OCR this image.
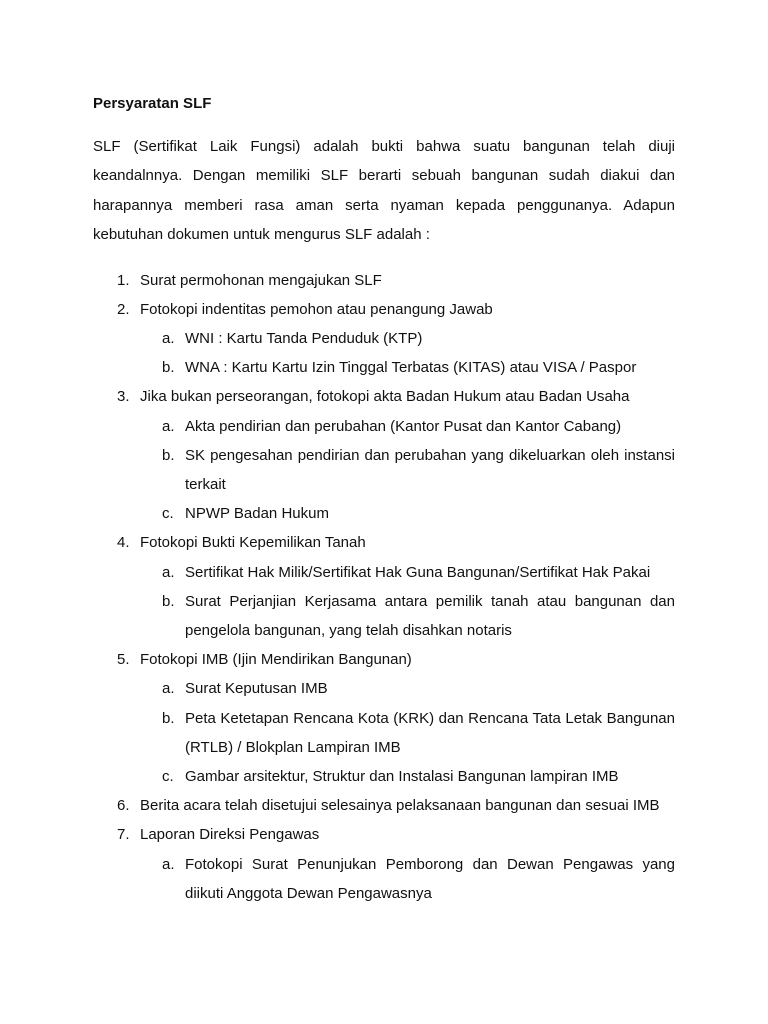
Persyaratan SLF

SLF (Sertifikat Laik Fungsi) adalah bukti bahwa suatu bangunan telah diuji keandalnnya. Dengan memiliki SLF berarti sebuah bangunan sudah diakui dan harapannya memberi rasa aman serta nyaman kepada penggunanya. Adapun kebutuhan dokumen untuk mengurus SLF adalah :

1. Surat permohonan mengajukan SLF
2. Fotokopi indentitas pemohon atau penangung Jawab
a. WNI : Kartu Tanda Penduduk (KTP)
b. WNA : Kartu Kartu Izin Tinggal Terbatas (KITAS) atau VISA / Paspor
3. Jika bukan perseorangan, fotokopi akta Badan Hukum atau Badan Usaha
a. Akta pendirian dan perubahan (Kantor Pusat dan Kantor Cabang)
b. SK pengesahan pendirian dan perubahan yang dikeluarkan oleh instansi terkait
c. NPWP Badan Hukum
4. Fotokopi Bukti Kepemilikan Tanah
a. Sertifikat Hak Milik/Sertifikat Hak Guna Bangunan/Sertifikat Hak Pakai
b. Surat Perjanjian Kerjasama antara pemilik tanah atau bangunan dan pengelola bangunan, yang telah disahkan notaris
5. Fotokopi IMB (Ijin Mendirikan Bangunan)
a. Surat Keputusan IMB
b. Peta Ketetapan Rencana Kota (KRK) dan Rencana Tata Letak Bangunan (RTLB) / Blokplan Lampiran IMB
c. Gambar arsitektur, Struktur dan Instalasi Bangunan lampiran IMB
6. Berita acara telah disetujui selesainya pelaksanaan bangunan dan sesuai IMB
7. Laporan Direksi Pengawas
a. Fotokopi Surat Penunjukan Pemborong dan Dewan Pengawas yang diikuti Anggota Dewan Pengawasnya
